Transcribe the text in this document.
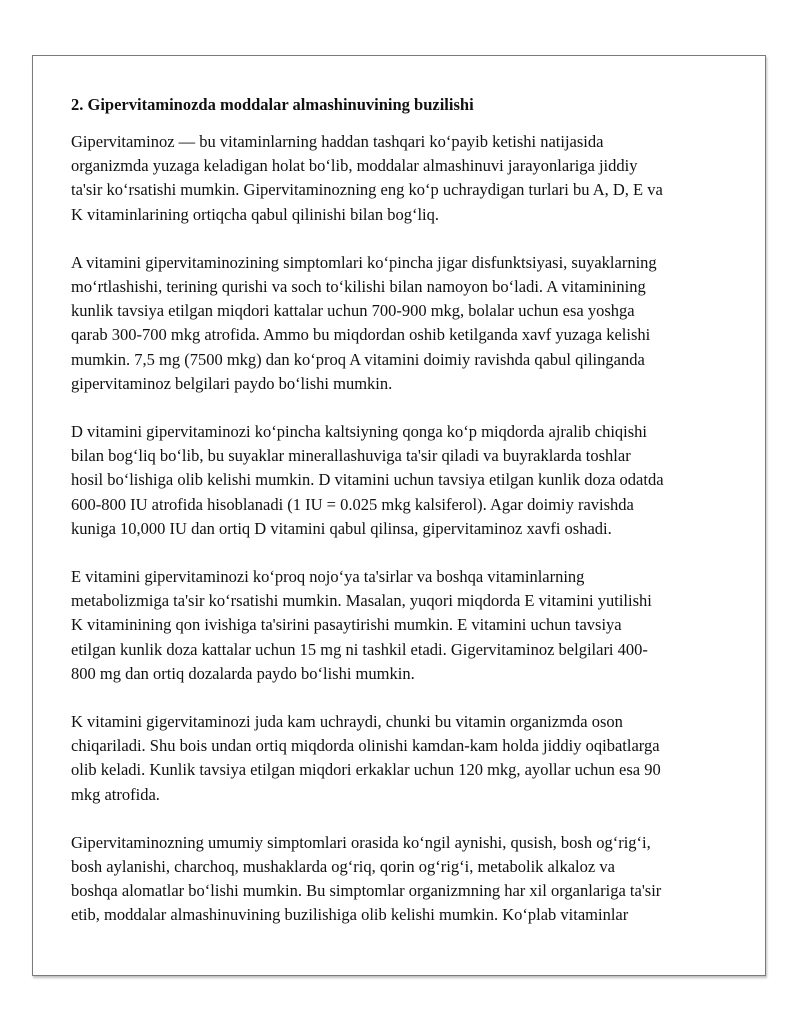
2. Gipervitaminozda moddalar almashinuvining buzilishi

Gipervitaminoz — bu vitaminlarning haddan tashqari ko‘payib ketishi natijasida
organizmda yuzaga keladigan holat bo‘lib, moddalar almashinuvi jarayonlariga jiddiy
ta'sir ko‘rsatishi mumkin. Gipervitaminozning eng ko‘p uchraydigan turlari bu A, D, E va
K vitaminlarining ortiqcha qabul qilinishi bilan bog‘liq.

A vitamini gipervitaminozining simptomlari ko‘pincha jigar disfunktsiyasi, suyaklarning
mo‘rtlashishi, terining qurishi va soch to‘kilishi bilan namoyon bo‘ladi. A vitaminining
kunlik tavsiya etilgan miqdori kattalar uchun 700-900 mkg, bolalar uchun esa yoshga
qarab 300-700 mkg atrofida. Ammo bu miqdordan oshib ketilganda xavf yuzaga kelishi
mumkin. 7,5 mg (7500 mkg) dan ko‘proq A vitamini doimiy ravishda qabul qilinganda
gipervitaminoz belgilari paydo bo‘lishi mumkin.

D vitamini gipervitaminozi ko‘pincha kaltsiyning qonga ko‘p miqdorda ajralib chiqishi
bilan bog‘liq bo‘lib, bu suyaklar minerallashuviga ta'sir qiladi va buyraklarda toshlar
hosil bo‘lishiga olib kelishi mumkin. D vitamini uchun tavsiya etilgan kunlik doza odatda
600-800 IU atrofida hisoblanadi (1 IU = 0.025 mkg kalsiferol). Agar doimiy ravishda
kuniga 10,000 IU dan ortiq D vitamini qabul qilinsa, gipervitaminoz xavfi oshadi.

E vitamini gipervitaminozi ko‘proq nojo‘ya ta'sirlar va boshqa vitaminlarning
metabolizmiga ta'sir ko‘rsatishi mumkin. Masalan, yuqori miqdorda E vitamini yutilishi
K vitaminining qon ivishiga ta'sirini pasaytirishi mumkin. E vitamini uchun tavsiya
etilgan kunlik doza kattalar uchun 15 mg ni tashkil etadi. Gigervitaminoz belgilari 400-
800 mg dan ortiq dozalarda paydo bo‘lishi mumkin.

K vitamini gigervitaminozi juda kam uchraydi, chunki bu vitamin organizmda oson
chiqariladi. Shu bois undan ortiq miqdorda olinishi kamdan-kam holda jiddiy oqibatlarga
olib keladi. Kunlik tavsiya etilgan miqdori erkaklar uchun 120 mkg, ayollar uchun esa 90
mkg atrofida.

Gipervitaminozning umumiy simptomlari orasida ko‘ngil aynishi, qusish, bosh og‘rig‘i,
bosh aylanishi, charchoq, mushaklarda og‘riq, qorin og‘rig‘i, metabolik alkaloz va
boshqa alomatlar bo‘lishi mumkin. Bu simptomlar organizmning har xil organlariga ta'sir
etib, moddalar almashinuvining buzilishiga olib kelishi mumkin. Ko‘plab vitaminlar
